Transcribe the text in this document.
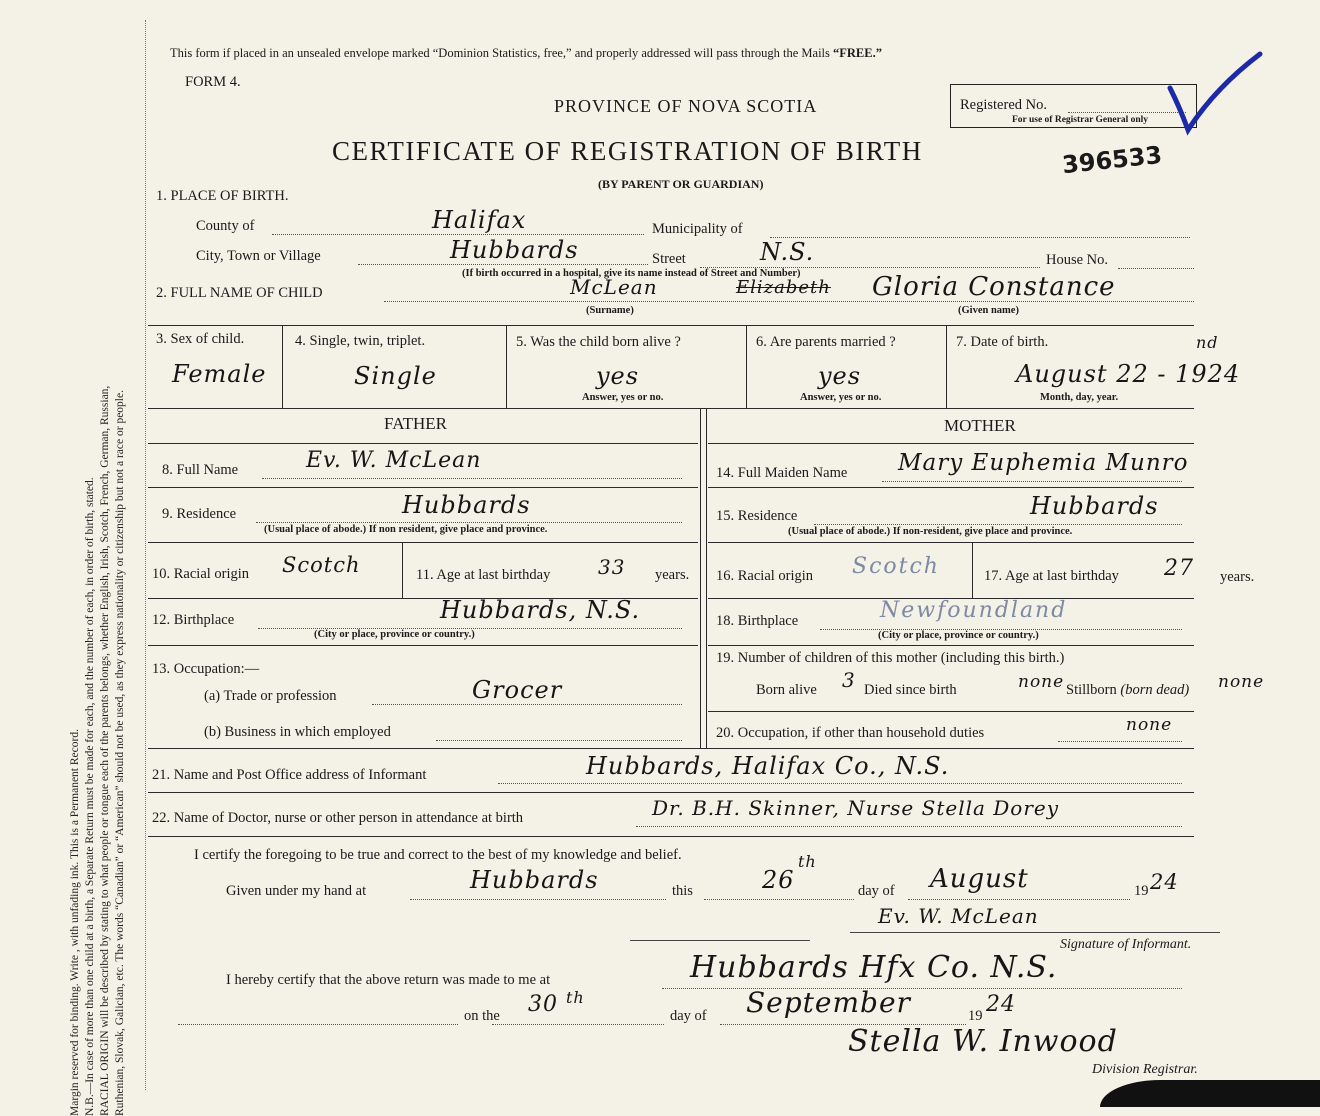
Margin reserved for binding. Write , with unfading ink. This is a Permanent Record. N.B.—In case of more than one child at a birth, a Separate Return must be made for each, and the number of each, in order of birth, stated. RACIAL ORIGIN will be described by stating to what people or tongue each of the parents belongs, whether English, Irish, Scotch, French, German, Russian, Ruthenian, Slovak, Galician, etc. The words “Canadian” or “American” should not be used, as they express nationality or citizenship but not a race or people.
This form if placed in an unsealed envelope marked “Dominion Statistics, free,” and properly addressed will pass through the Mails “FREE.”
FORM 4.
PROVINCE OF NOVA SCOTIA
CERTIFICATE OF REGISTRATION OF BIRTH
(BY PARENT OR GUARDIAN)
Registered No.
For use of Registrar General only
396533
1. PLACE OF BIRTH.
County of	Halifax	Municipality of
City, Town or Village	Hubbards	Street	N.S.	House No.
(If birth occurred in a hospital, give its name instead of Street and Number)
2. FULL NAME OF CHILD	McLean	Elizabeth Gloria Constance
(Surname)	(Given name)
3. Sex of child.
Female
4. Single, twin, triplet.
Single
5. Was the child born alive ?
yes
Answer, yes or no.
6. Are parents married ?
yes
Answer, yes or no.
7. Date of birth.
August 22 - 1924
nd
Month, day, year.
FATHER	MOTHER
8. Full Name	Ev. W. McLean
9. Residence	Hubbards
(Usual place of abode.) If non resident, give place and province.
10. Racial origin Scotch	11. Age at last birthday 33 years.
12. Birthplace	Hubbards, N.S.
(City or place, province or country.)
13. Occupation:—
(a) Trade or profession	Grocer
(b) Business in which employed
14. Full Maiden Name Mary Euphemia Munro
15. Residence	Hubbards
(Usual place of abode.) If non-resident, give place and province.
16. Racial origin Scotch	17. Age at last birthday 27 years.
18. Birthplace	Newfoundland
(City or place, province or country.)
19. Number of children of this mother (including this birth.)
Born alive 3 Died since birth	none Stillborn (born dead) none
20. Occupation, if other than household duties	none
21. Name and Post Office address of Informant	Hubbards, Halifax Co., N.S.
22. Name of Doctor, nurse or other person in attendance at birth	Dr. B.H. Skinner, Nurse Stella Dorey
I certify the foregoing to be true and correct to the best of my knowledge and belief.
Given under my hand at	Hubbards	this	26
th
day of August	19 24
Ev. W. McLean
Signature of Informant.
I hereby certify that the above return was made to me at	Hubbards Hfx Co. N.S.
on the 30 th
day of September	19 24
Stella W. Inwood
Division Registrar.
